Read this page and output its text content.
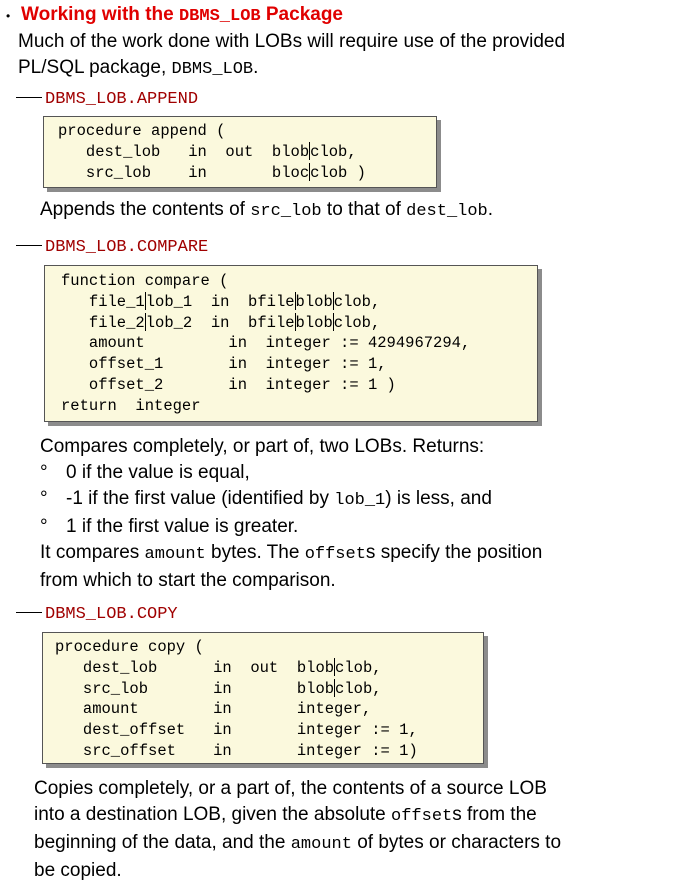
• Working with the DBMS_LOB Package
Much of the work done with LOBs will require use of the provided
PL/SQL package, DBMS_LOB.
DBMS_LOB.APPEND
procedure append (
dest_lob   in  out  blobclob,
src_lob    in       blocclob )
Appends the contents of src_lob to that of dest_lob.
DBMS_LOB.COMPARE
function compare (
file_1lob_1  in  bfileblobclob,
file_2lob_2  in  bfileblobclob,
amount         in  integer := 4294967294,
offset_1       in  integer := 1,
offset_2       in  integer := 1 )
return  integer
Compares completely, or part of, two LOBs. Returns:
° 0 if the value is equal,
° -1 if the first value (identified by lob_1) is less, and
° 1 if the first value is greater.
It compares amount bytes. The offsets specify the position
from which to start the comparison.
DBMS_LOB.COPY
procedure copy (
dest_lob      in  out  blobclob,
src_lob       in       blobclob,
amount        in       integer,
dest_offset   in       integer := 1,
src_offset    in       integer := 1)
Copies completely, or a part of, the contents of a source LOB
into a destination LOB, given the absolute offsets from the
beginning of the data, and the amount of bytes or characters to
be copied.
